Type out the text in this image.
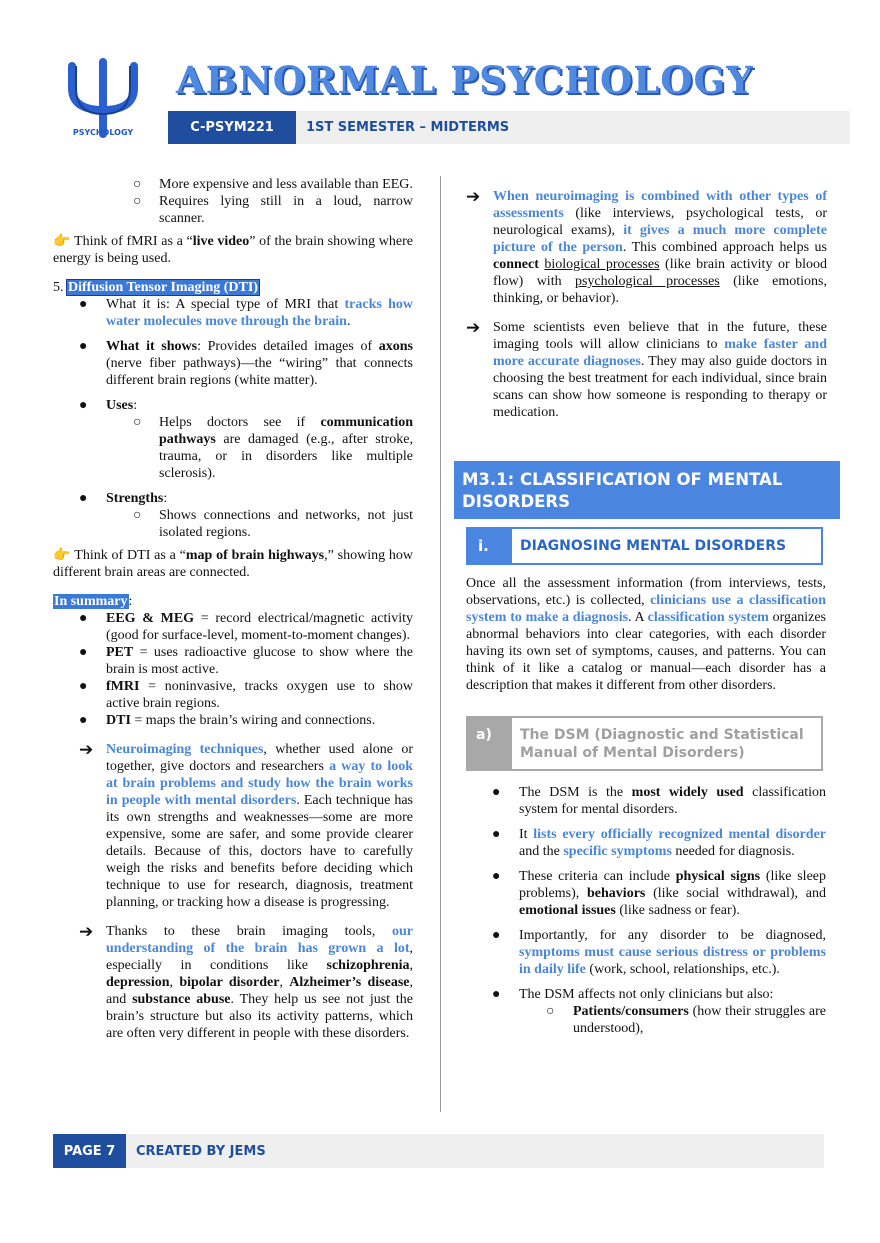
PSYCHOLOGY
ABNORMAL PSYCHOLOGY
C-PSYM221	1ST SEMESTER – MIDTERMS
○	More expensive and less available than EEG.
○	Requires lying still in a loud, narrow scanner.

👉 Think of fMRI as a “live video” of the brain showing where energy is being used.

5. Diffusion Tensor Imaging (DTI)

●	What it is: A special type of MRI that tracks how water molecules move through the brain.
●	What it shows: Provides detailed images of axons (nerve fiber pathways)—the “wiring” that connects different brain regions (white matter).
●	Uses:
○	Helps doctors see if communication pathways are damaged (e.g., after stroke, trauma, or in disorders like multiple sclerosis).
●	Strengths:
○	Shows connections and networks, not just isolated regions.

👉 Think of DTI as a “map of brain highways,” showing how different brain areas are connected.

In summary:

●	EEG & MEG = record electrical/magnetic activity (good for surface-level, moment-to-moment changes).
●	PET = uses radioactive glucose to show where the brain is most active.
●	fMRI = noninvasive, tracks oxygen use to show active brain regions.
●	DTI = maps the brain’s wiring and connections.
➔ Neuroimaging techniques, whether used alone or together, give doctors and researchers a way to look at brain problems and study how the brain works in people with mental disorders. Each technique has its own strengths and weaknesses—some are more expensive, some are safer, and some provide clearer details. Because of this, doctors have to carefully weigh the risks and benefits before deciding which technique to use for research, diagnosis, treatment planning, or tracking how a disease is progressing.
➔ Thanks to these brain imaging tools, our understanding of the brain has grown a lot, especially in conditions like schizophrenia, depression, bipolar disorder, Alzheimer’s disease, and substance abuse. They help us see not just the brain’s structure but also its activity patterns, which are often very different in people with these disorders.
➔ When neuroimaging is combined with other types of assessments (like interviews, psychological tests, or neurological exams), it gives a much more complete picture of the person. This combined approach helps us connect biological processes (like brain activity or blood flow) with psychological processes (like emotions, thinking, or behavior).
➔ Some scientists even believe that in the future, these imaging tools will allow clinicians to make faster and more accurate diagnoses. They may also guide doctors in choosing the best treatment for each individual, since brain scans can show how someone is responding to therapy or medication.
M3.1: CLASSIFICATION OF MENTAL DISORDERS
i.	DIAGNOSING MENTAL DISORDERS
Once all the assessment information (from interviews, tests, observations, etc.) is collected, clinicians use a classification system to make a diagnosis. A classification system organizes abnormal behaviors into clear categories, with each disorder having its own set of symptoms, causes, and patterns. You can think of it like a catalog or manual—each disorder has a description that makes it different from other disorders.
a)	The DSM (Diagnostic and Statistical Manual of Mental Disorders)
●	The DSM is the most widely used classification system for mental disorders.
●	It lists every officially recognized mental disorder and the specific symptoms needed for diagnosis.
●	These criteria can include physical signs (like sleep problems), behaviors (like social withdrawal), and emotional issues (like sadness or fear).
●	Importantly, for any disorder to be diagnosed, symptoms must cause serious distress or problems in daily life (work, school, relationships, etc.).
●	The DSM affects not only clinicians but also:
○	Patients/consumers (how their struggles are understood),
PAGE 7	CREATED BY JEMS
